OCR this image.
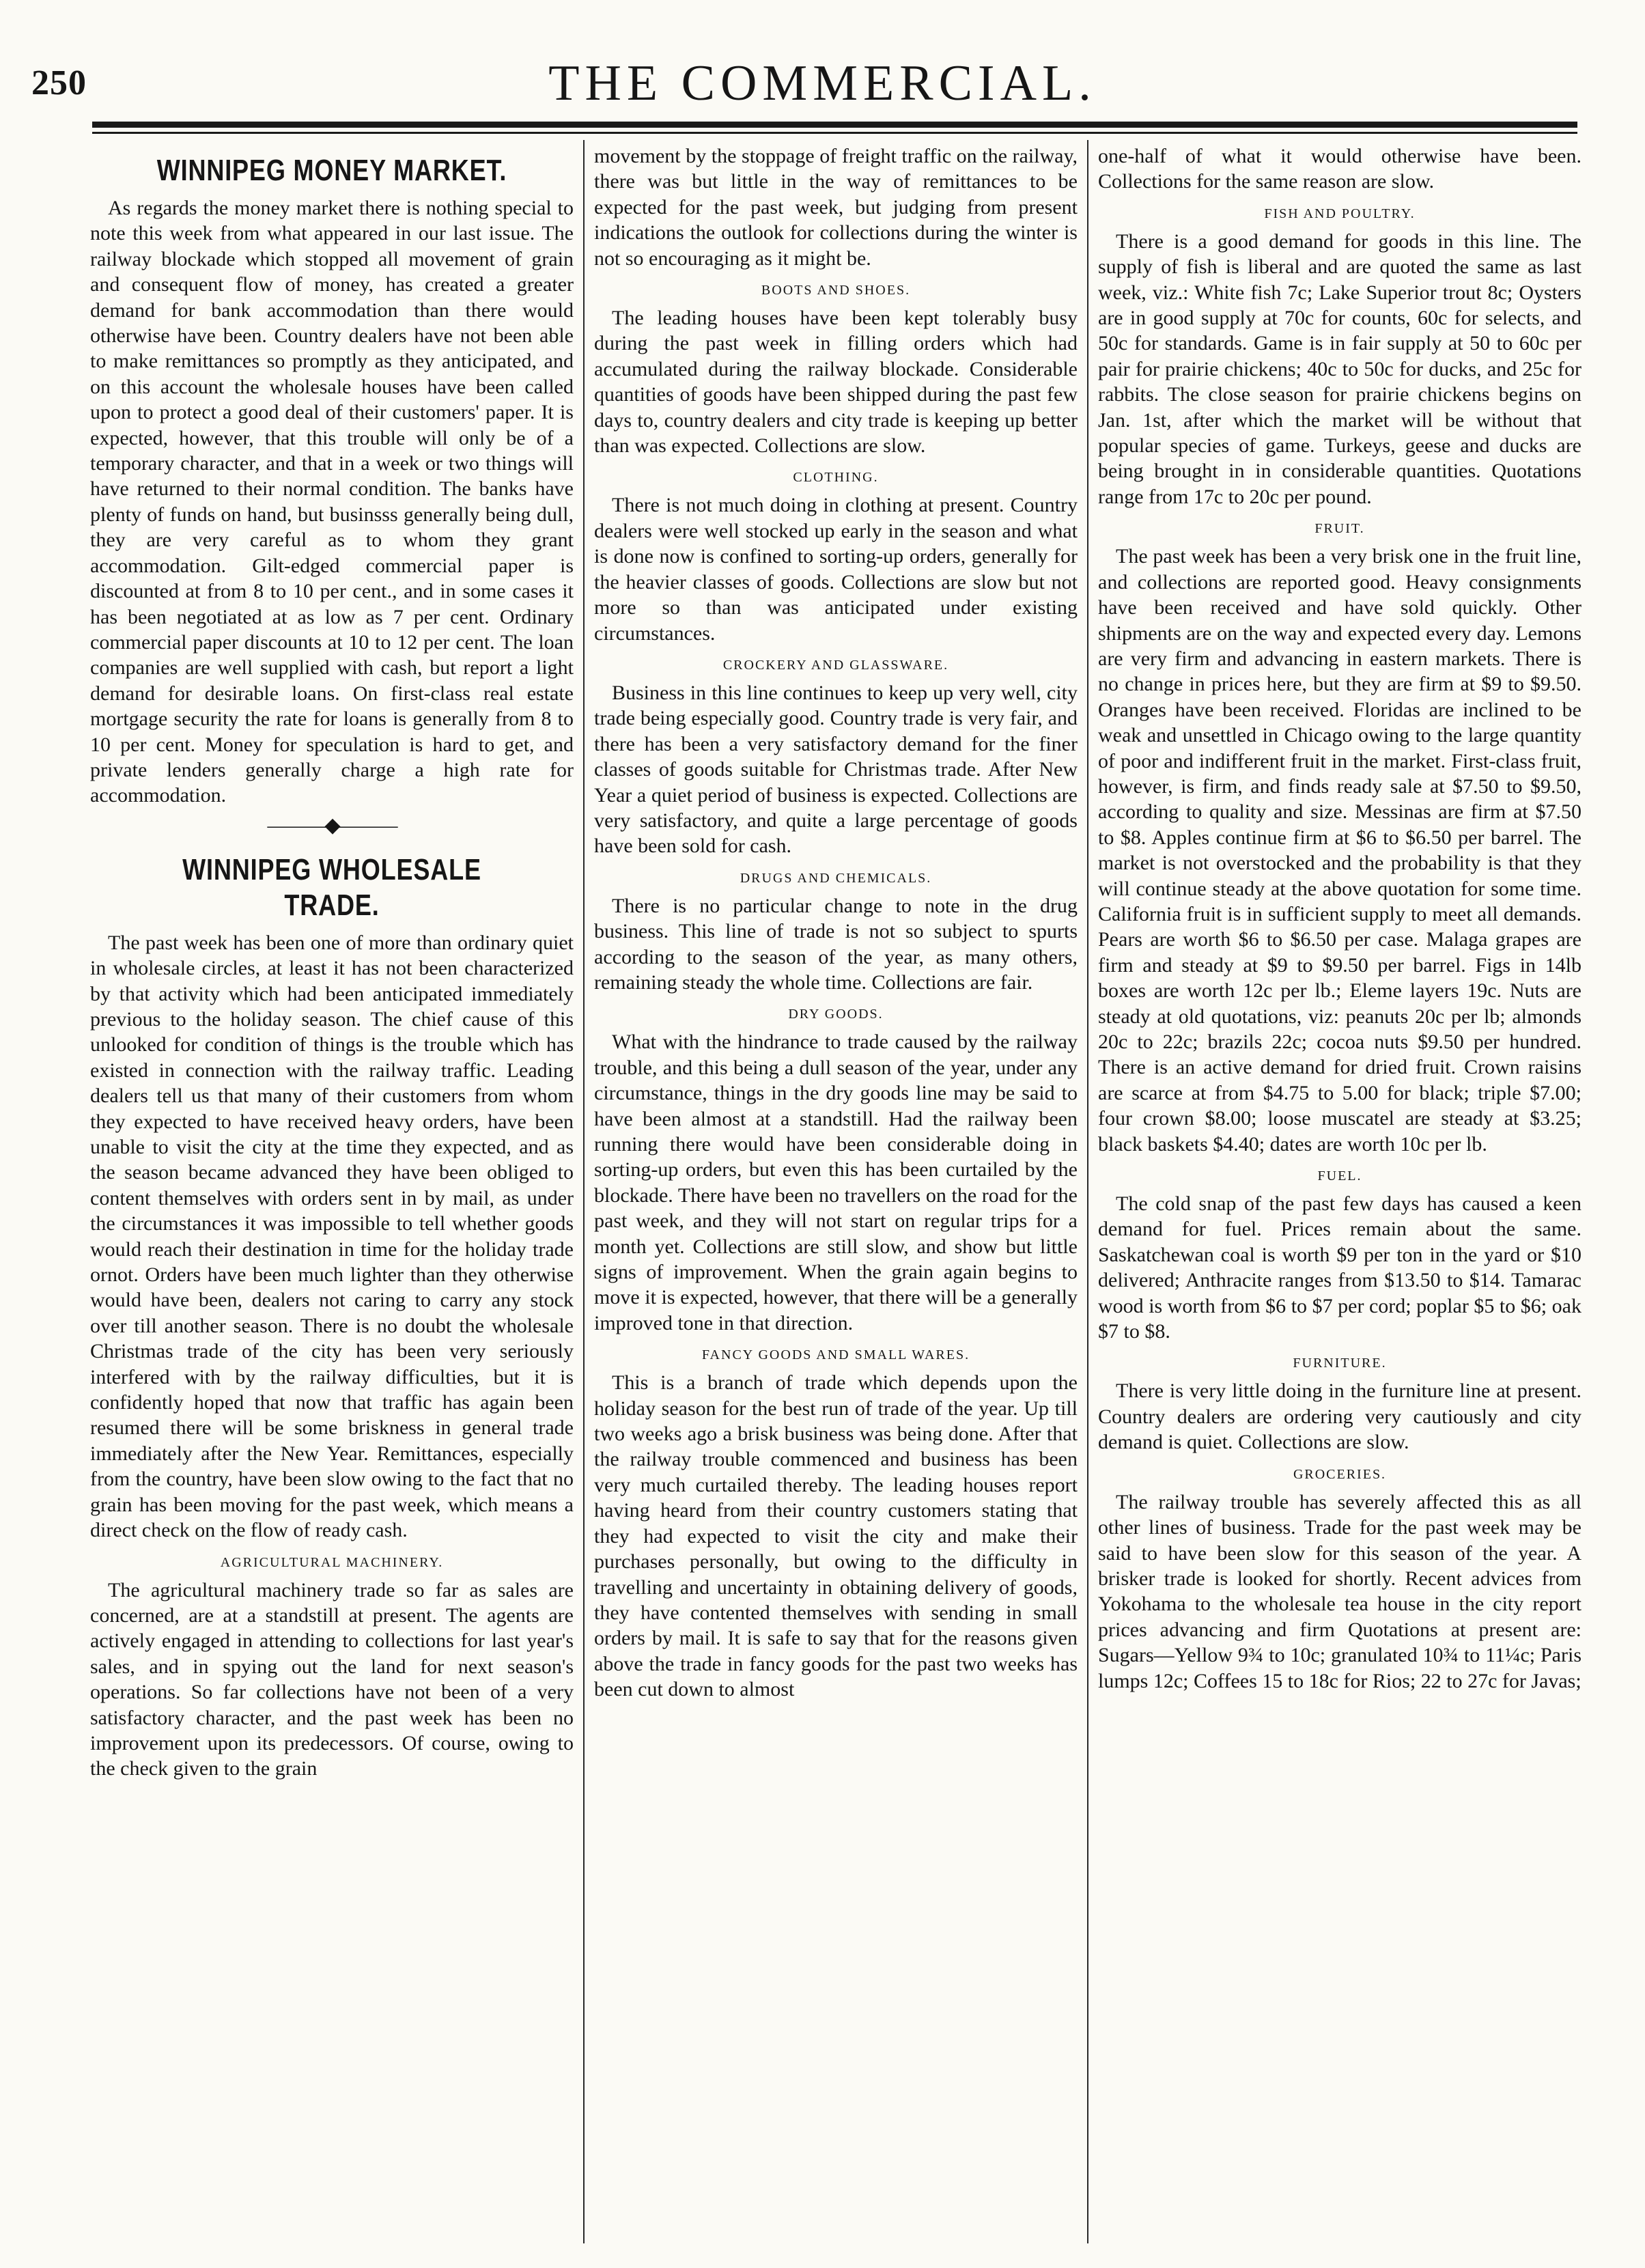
250	THE COMMERCIAL.
WINNIPEG MONEY MARKET.

As regards the money market there is nothing special to note this week from what appeared in our last issue. The railway blockade which stopped all movement of grain and consequent flow of money, has created a greater demand for bank accommodation than there would otherwise have been. Country dealers have not been able to make remittances so promptly as they anticipated, and on this account the wholesale houses have been called upon to protect a good deal of their customers' paper. It is expected, however, that this trouble will only be of a temporary character, and that in a week or two things will have returned to their normal condition. The banks have plenty of funds on hand, but businsss generally being dull, they are very careful as to whom they grant accommodation. Gilt-edged commercial paper is discounted at from 8 to 10 per cent., and in some cases it has been negotiated at as low as 7 per cent. Ordinary commercial paper discounts at 10 to 12 per cent. The loan companies are well supplied with cash, but report a light demand for desirable loans. On first-class real estate mortgage security the rate for loans is generally from 8 to 10 per cent. Money for speculation is hard to get, and private lenders generally charge a high rate for accommodation.

———◆———
WINNIPEG WHOLESALE TRADE.

The past week has been one of more than ordinary quiet in wholesale circles, at least it has not been characterized by that activity which had been anticipated immediately previous to the holiday season. The chief cause of this unlooked for condition of things is the trouble which has existed in connection with the railway traffic. Leading dealers tell us that many of their customers from whom they expected to have received heavy orders, have been unable to visit the city at the time they expected, and as the season became advanced they have been obliged to content themselves with orders sent in by mail, as under the circumstances it was impossible to tell whether goods would reach their destination in time for the holiday trade ornot. Orders have been much lighter than they otherwise would have been, dealers not caring to carry any stock over till another season. There is no doubt the wholesale Christmas trade of the city has been very seriously interfered with by the railway difficulties, but it is confidently hoped that now that traffic has again been resumed there will be some briskness in general trade immediately after the New Year. Remittances, especially from the country, have been slow owing to the fact that no grain has been moving for the past week, which means a direct check on the flow of ready cash.

AGRICULTURAL MACHINERY.

The agricultural machinery trade so far as sales are concerned, are at a standstill at present. The agents are actively engaged in attending to collections for last year's sales, and in spying out the land for next season's operations. So far collections have not been of a very satisfactory character, and the past week has been no improvement upon its predecessors. Of course, owing to the check given to the grain

movement by the stoppage of freight traffic on the railway, there was but little in the way of remittances to be expected for the past week, but judging from present indications the outlook for collections during the winter is not so encouraging as it might be.

BOOTS AND SHOES.

The leading houses have been kept tolerably busy during the past week in filling orders which had accumulated during the railway blockade. Considerable quantities of goods have been shipped during the past few days to, country dealers and city trade is keeping up better than was expected. Collections are slow.

CLOTHING.

There is not much doing in clothing at present. Country dealers were well stocked up early in the season and what is done now is confined to sorting-up orders, generally for the heavier classes of goods. Collections are slow but not more so than was anticipated under existing circumstances.

CROCKERY AND GLASSWARE.

Business in this line continues to keep up very well, city trade being especially good. Country trade is very fair, and there has been a very satisfactory demand for the finer classes of goods suitable for Christmas trade. After New Year a quiet period of business is expected. Collections are very satisfactory, and quite a large percentage of goods have been sold for cash.

DRUGS AND CHEMICALS.

There is no particular change to note in the drug business. This line of trade is not so subject to spurts according to the season of the year, as many others, remaining steady the whole time. Collections are fair.

DRY GOODS.

What with the hindrance to trade caused by the railway trouble, and this being a dull season of the year, under any circumstance, things in the dry goods line may be said to have been almost at a standstill. Had the railway been running there would have been considerable doing in sorting-up orders, but even this has been curtailed by the blockade. There have been no travellers on the road for the past week, and they will not start on regular trips for a month yet. Collections are still slow, and show but little signs of improvement. When the grain again begins to move it is expected, however, that there will be a generally improved tone in that direction.

FANCY GOODS AND SMALL WARES.

This is a branch of trade which depends upon the holiday season for the best run of trade of the year. Up till two weeks ago a brisk business was being done. After that the railway trouble commenced and business has been very much curtailed thereby. The leading houses report having heard from their country customers stating that they had expected to visit the city and make their purchases personally, but owing to the difficulty in travelling and uncertainty in obtaining delivery of goods, they have contented themselves with sending in small orders by mail. It is safe to say that for the reasons given above the trade in fancy goods for the past two weeks has been cut down to almost

one-half of what it would otherwise have been. Collections for the same reason are slow.

FISH AND POULTRY.

There is a good demand for goods in this line. The supply of fish is liberal and are quoted the same as last week, viz.: White fish 7c; Lake Superior trout 8c; Oysters are in good supply at 70c for counts, 60c for selects, and 50c for standards. Game is in fair supply at 50 to 60c per pair for prairie chickens; 40c to 50c for ducks, and 25c for rabbits. The close season for prairie chickens begins on Jan. 1st, after which the market will be without that popular species of game. Turkeys, geese and ducks are being brought in in considerable quantities. Quotations range from 17c to 20c per pound.

FRUIT.

The past week has been a very brisk one in the fruit line, and collections are reported good. Heavy consignments have been received and have sold quickly. Other shipments are on the way and expected every day. Lemons are very firm and advancing in eastern markets. There is no change in prices here, but they are firm at $9 to $9.50. Oranges have been received. Floridas are inclined to be weak and unsettled in Chicago owing to the large quantity of poor and indifferent fruit in the market. First-class fruit, however, is firm, and finds ready sale at $7.50 to $9.50, according to quality and size. Messinas are firm at $7.50 to $8. Apples continue firm at $6 to $6.50 per barrel. The market is not overstocked and the probability is that they will continue steady at the above quotation for some time. California fruit is in sufficient supply to meet all demands. Pears are worth $6 to $6.50 per case. Malaga grapes are firm and steady at $9 to $9.50 per barrel. Figs in 14lb boxes are worth 12c per lb.; Eleme layers 19c. Nuts are steady at old quotations, viz: peanuts 20c per lb; almonds 20c to 22c; brazils 22c; cocoa nuts $9.50 per hundred. There is an active demand for dried fruit. Crown raisins are scarce at from $4.75 to 5.00 for black; triple $7.00; four crown $8.00; loose muscatel are steady at $3.25; black baskets $4.40; dates are worth 10c per lb.

FUEL.

The cold snap of the past few days has caused a keen demand for fuel. Prices remain about the same. Saskatchewan coal is worth $9 per ton in the yard or $10 delivered; Anthracite ranges from $13.50 to $14. Tamarac wood is worth from $6 to $7 per cord; poplar $5 to $6; oak $7 to $8.

FURNITURE.

There is very little doing in the furniture line at present. Country dealers are ordering very cautiously and city demand is quiet. Collections are slow.

GROCERIES.

The railway trouble has severely affected this as all other lines of business. Trade for the past week may be said to have been slow for this season of the year. A brisker trade is looked for shortly. Recent advices from Yokohama to the wholesale tea house in the city report prices advancing and firm Quotations at present are: Sugars—Yellow 9¾ to 10c; granulated 10¾ to 11¼c; Paris lumps 12c; Coffees 15 to 18c for Rios; 22 to 27c for Javas;
